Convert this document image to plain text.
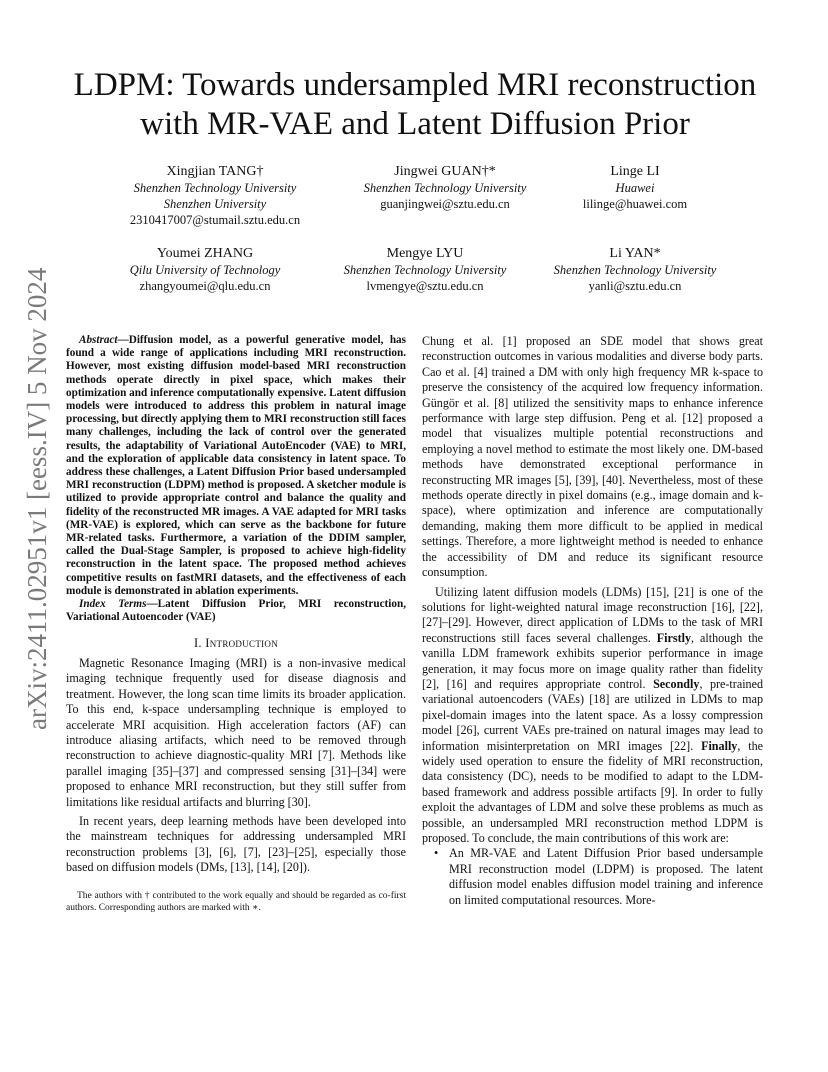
arXiv:2411.02951v1 [eess.IV] 5 Nov 2024
LDPM: Towards undersampled MRI reconstruction with MR-VAE and Latent Diffusion Prior
Xingjian TANG†
Shenzhen Technology University
Shenzhen University
2310417007@stumail.sztu.edu.cn
Jingwei GUAN†*
Shenzhen Technology University
guanjingwei@sztu.edu.cn
Linge LI
Huawei
lilinge@huawei.com
Youmei ZHANG
Qilu University of Technology
zhangyoumei@qlu.edu.cn
Mengye LYU
Shenzhen Technology University
lvmengye@sztu.edu.cn
Li YAN*
Shenzhen Technology University
yanli@sztu.edu.cn

Abstract—Diffusion model, as a powerful generative model, has found a wide range of applications including MRI reconstruction. However, most existing diffusion model-based MRI reconstruction methods operate directly in pixel space, which makes their optimization and inference computationally expensive. Latent diffusion models were introduced to address this problem in natural image processing, but directly applying them to MRI reconstruction still faces many challenges, including the lack of control over the generated results, the adaptability of Variational AutoEncoder (VAE) to MRI, and the exploration of applicable data consistency in latent space. To address these challenges, a Latent Diffusion Prior based undersampled MRI reconstruction (LDPM) method is proposed. A sketcher module is utilized to provide appropriate control and balance the quality and fidelity of the reconstructed MR images. A VAE adapted for MRI tasks (MR-VAE) is explored, which can serve as the backbone for future MR-related tasks. Furthermore, a variation of the DDIM sampler, called the Dual-Stage Sampler, is proposed to achieve high-fidelity reconstruction in the latent space. The proposed method achieves competitive results on fastMRI datasets, and the effectiveness of each module is demonstrated in ablation experiments.

Index Terms—Latent Diffusion Prior, MRI reconstruction, Variational Autoencoder (VAE)

I. Introduction

Magnetic Resonance Imaging (MRI) is a non-invasive medical imaging technique frequently used for disease diagnosis and treatment. However, the long scan time limits its broader application. To this end, k-space undersampling technique is employed to accelerate MRI acquisition. High acceleration factors (AF) can introduce aliasing artifacts, which need to be removed through reconstruction to achieve diagnostic-quality MRI [7]. Methods like parallel imaging [35]–[37] and compressed sensing [31]–[34] were proposed to enhance MRI reconstruction, but they still suffer from limitations like residual artifacts and blurring [30].

In recent years, deep learning methods have been developed into the mainstream techniques for addressing undersampled MRI reconstruction problems [3], [6], [7], [23]–[25], especially those based on diffusion models (DMs, [13], [14], [20]).

The authors with † contributed to the work equally and should be regarded as co-first authors. Corresponding authors are marked with ∗.

Chung et al. [1] proposed an SDE model that shows great reconstruction outcomes in various modalities and diverse body parts. Cao et al. [4] trained a DM with only high frequency MR k-space to preserve the consistency of the acquired low frequency information. Güngör et al. [8] utilized the sensitivity maps to enhance inference performance with large step diffusion. Peng et al. [12] proposed a model that visualizes multiple potential reconstructions and employing a novel method to estimate the most likely one. DM-based methods have demonstrated exceptional performance in reconstructing MR images [5], [39], [40]. Nevertheless, most of these methods operate directly in pixel domains (e.g., image domain and k-space), where optimization and inference are computationally demanding, making them more difficult to be applied in medical settings. Therefore, a more lightweight method is needed to enhance the accessibility of DM and reduce its significant resource consumption.

Utilizing latent diffusion models (LDMs) [15], [21] is one of the solutions for light-weighted natural image reconstruction [16], [22], [27]–[29]. However, direct application of LDMs to the task of MRI reconstructions still faces several challenges. Firstly, although the vanilla LDM framework exhibits superior performance in image generation, it may focus more on image quality rather than fidelity [2], [16] and requires appropriate control. Secondly, pre-trained variational autoencoders (VAEs) [18] are utilized in LDMs to map pixel-domain images into the latent space. As a lossy compression model [26], current VAEs pre-trained on natural images may lead to information misinterpretation on MRI images [22]. Finally, the widely used operation to ensure the fidelity of MRI reconstruction, data consistency (DC), needs to be modified to adapt to the LDM-based framework and address possible artifacts [9]. In order to fully exploit the advantages of LDM and solve these problems as much as possible, an undersampled MRI reconstruction method LDPM is proposed. To conclude, the main contributions of this work are:

• An MR-VAE and Latent Diffusion Prior based undersample MRI reconstruction model (LDPM) is proposed. The latent diffusion model enables diffusion model training and inference on limited computational resources. More-
